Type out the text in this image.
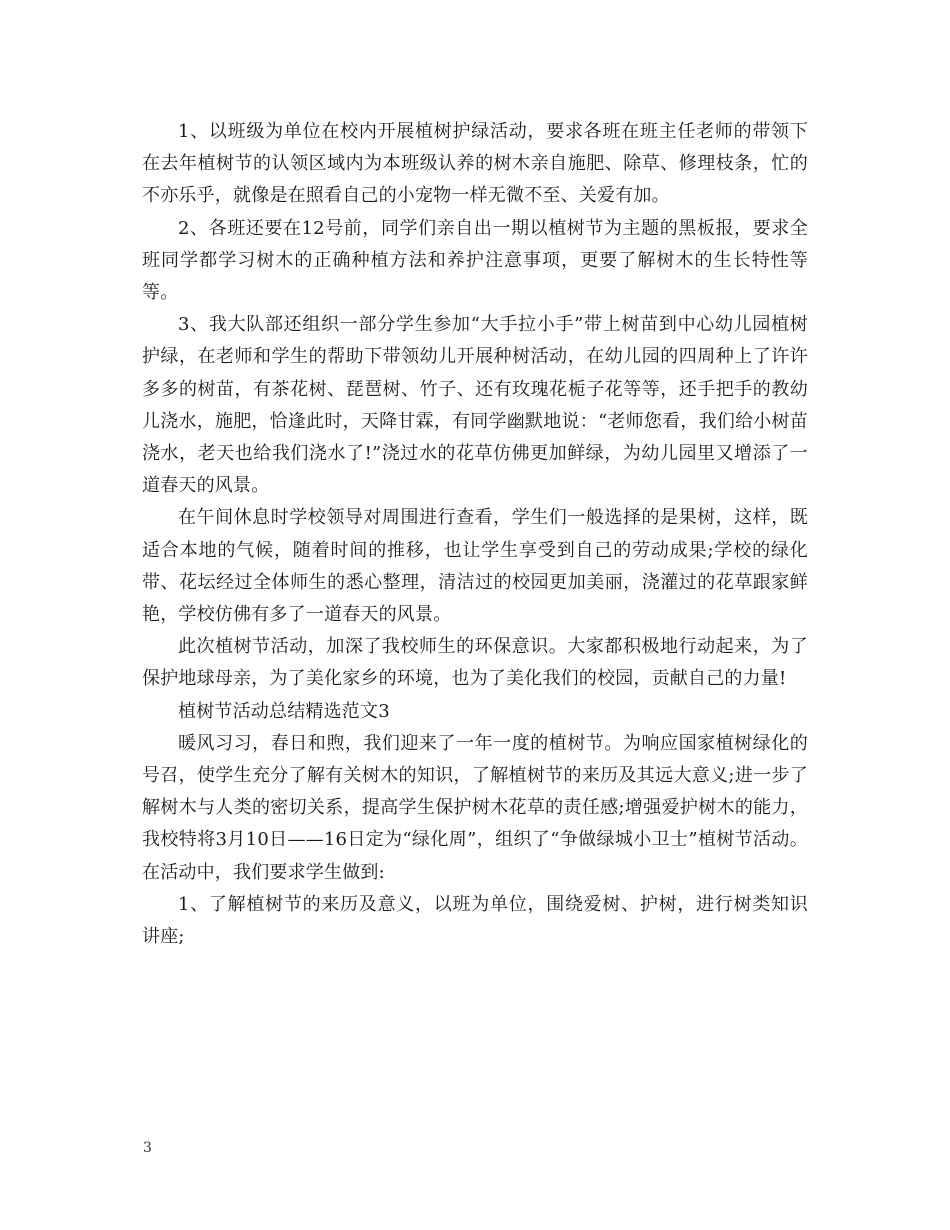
1、以班级为单位在校内开展植树护绿活动，要求各班在班主任老师的带领下在去年植树节的认领区域内为本班级认养的树木亲自施肥、除草、修理枝条，忙的不亦乐乎，就像是在照看自己的小宠物一样无微不至、关爱有加。

2、各班还要在12号前，同学们亲自出一期以植树节为主题的黑板报，要求全班同学都学习树木的正确种植方法和养护注意事项，更要了解树木的生长特性等等。

3、我大队部还组织一部分学生参加“大手拉小手”带上树苗到中心幼儿园植树护绿，在老师和学生的帮助下带领幼儿开展种树活动，在幼儿园的四周种上了许许多多的树苗，有茶花树、琵琶树、竹子、还有玫瑰花栀子花等等，还手把手的教幼儿浇水，施肥，恰逢此时，天降甘霖，有同学幽默地说：“老师您看，我们给小树苗浇水，老天也给我们浇水了!”浇过水的花草仿佛更加鲜绿，为幼儿园里又增添了一道春天的风景。

在午间休息时学校领导对周围进行查看，学生们一般选择的是果树，这样，既适合本地的气候，随着时间的推移，也让学生享受到自己的劳动成果;学校的绿化带、花坛经过全体师生的悉心整理，清洁过的校园更加美丽，浇灌过的花草跟家鲜艳，学校仿佛有多了一道春天的风景。

此次植树节活动，加深了我校师生的环保意识。大家都积极地行动起来，为了保护地球母亲，为了美化家乡的环境，也为了美化我们的校园，贡献自己的力量!

植树节活动总结精选范文3

暖风习习，春日和煦，我们迎来了一年一度的植树节。为响应国家植树绿化的号召，使学生充分了解有关树木的知识，了解植树节的来历及其远大意义;进一步了解树木与人类的密切关系，提高学生保护树木花草的责任感;增强爱护树木的能力，我校特将3月10日——16日定为“绿化周”，组织了“争做绿城小卫士”植树节活动。在活动中，我们要求学生做到:

1、了解植树节的来历及意义，以班为单位，围绕爱树、护树，进行树类知识讲座;

3
